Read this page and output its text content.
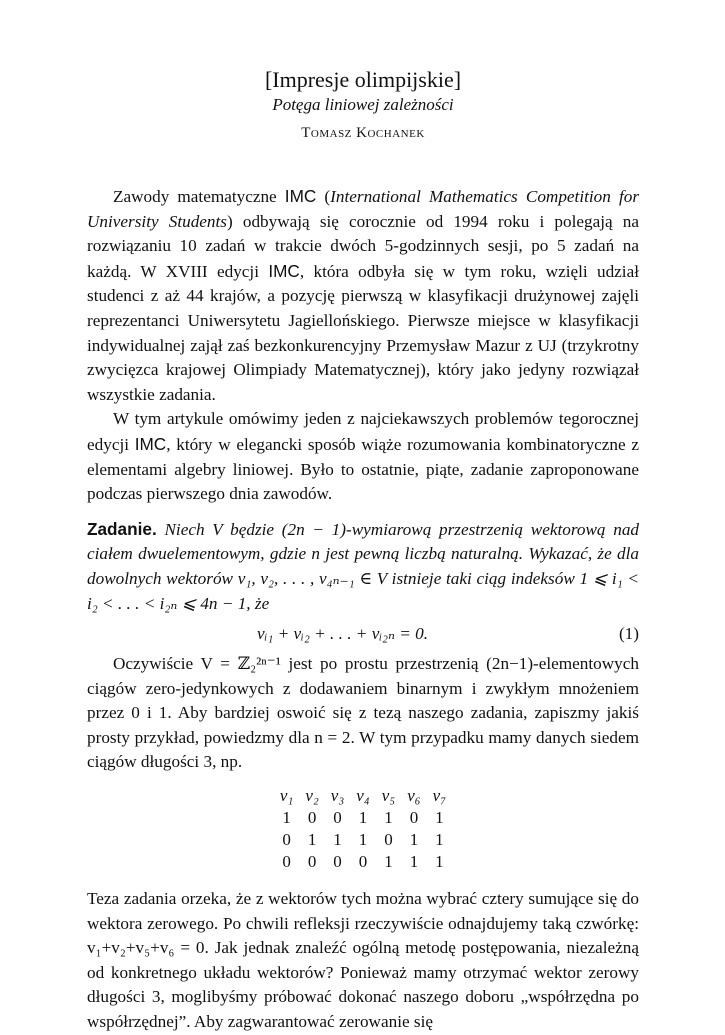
[Impresje olimpijskie]
Potęga liniowej zależności
Tomasz Kochanek

Zawody matematyczne IMC (International Mathematics Competition for University Students) odbywają się corocznie od 1994 roku i polegają na rozwiązaniu 10 zadań w trakcie dwóch 5-godzinnych sesji, po 5 zadań na każdą. W XVIII edycji IMC, która odbyła się w tym roku, wzięli udział studenci z aż 44 krajów, a pozycję pierwszą w klasyfikacji drużynowej zajęli reprezentanci Uniwersytetu Jagiellońskiego. Pierwsze miejsce w klasyfikacji indywidualnej zajął zaś bezkonkurencyjny Przemysław Mazur z UJ (trzykrotny zwycięzca krajowej Olimpiady Matematycznej), który jako jedyny rozwiązał wszystkie zadania.

W tym artykule omówimy jeden z najciekawszych problemów tegorocznej edycji IMC, który w elegancki sposób wiąże rozumowania kombinatoryczne z elementami algebry liniowej. Było to ostatnie, piąte, zadanie zaproponowane podczas pierwszego dnia zawodów.

Zadanie. Niech V będzie (2n − 1)-wymiarową przestrzenią wektorową nad ciałem dwuelementowym, gdzie n jest pewną liczbą naturalną. Wykazać, że dla dowolnych wektorów v₁, v₂, . . . , v₄ₙ₋₁ ∈ V istnieje taki ciąg indeksów 1 ⩽ i₁ < i₂ < . . . < i₂ₙ ⩽ 4n − 1, że

vᵢ₁ + vᵢ₂ + . . . + vᵢ₂ₙ = 0.	(1)

Oczywiście V = ℤ₂²ⁿ⁻¹ jest po prostu przestrzenią (2n−1)-elementowych ciągów zero-jedynkowych z dodawaniem binarnym i zwykłym mnożeniem przez 0 i 1. Aby bardziej oswoić się z tezą naszego zadania, zapiszmy jakiś prosty przykład, powiedzmy dla n = 2. W tym przypadku mamy danych siedem ciągów długości 3, np.

v₁	v₂	v₃	v₄	v₅	v₆	v₇
1	0	0	1	1	0	1
0	1	1	1	0	1	1
0	0	0	0	1	1	1

Teza zadania orzeka, że z wektorów tych można wybrać cztery sumujące się do wektora zerowego. Po chwili refleksji rzeczywiście odnajdujemy taką czwórkę: v₁+v₂+v₅+v₆ = 0. Jak jednak znaleźć ogólną metodę postępowania, niezależną od konkretnego układu wektorów? Ponieważ mamy otrzymać wektor zerowy długości 3, moglibyśmy próbować dokonać naszego doboru „współrzędna po współrzędnej”. Aby zagwarantować zerowanie się
